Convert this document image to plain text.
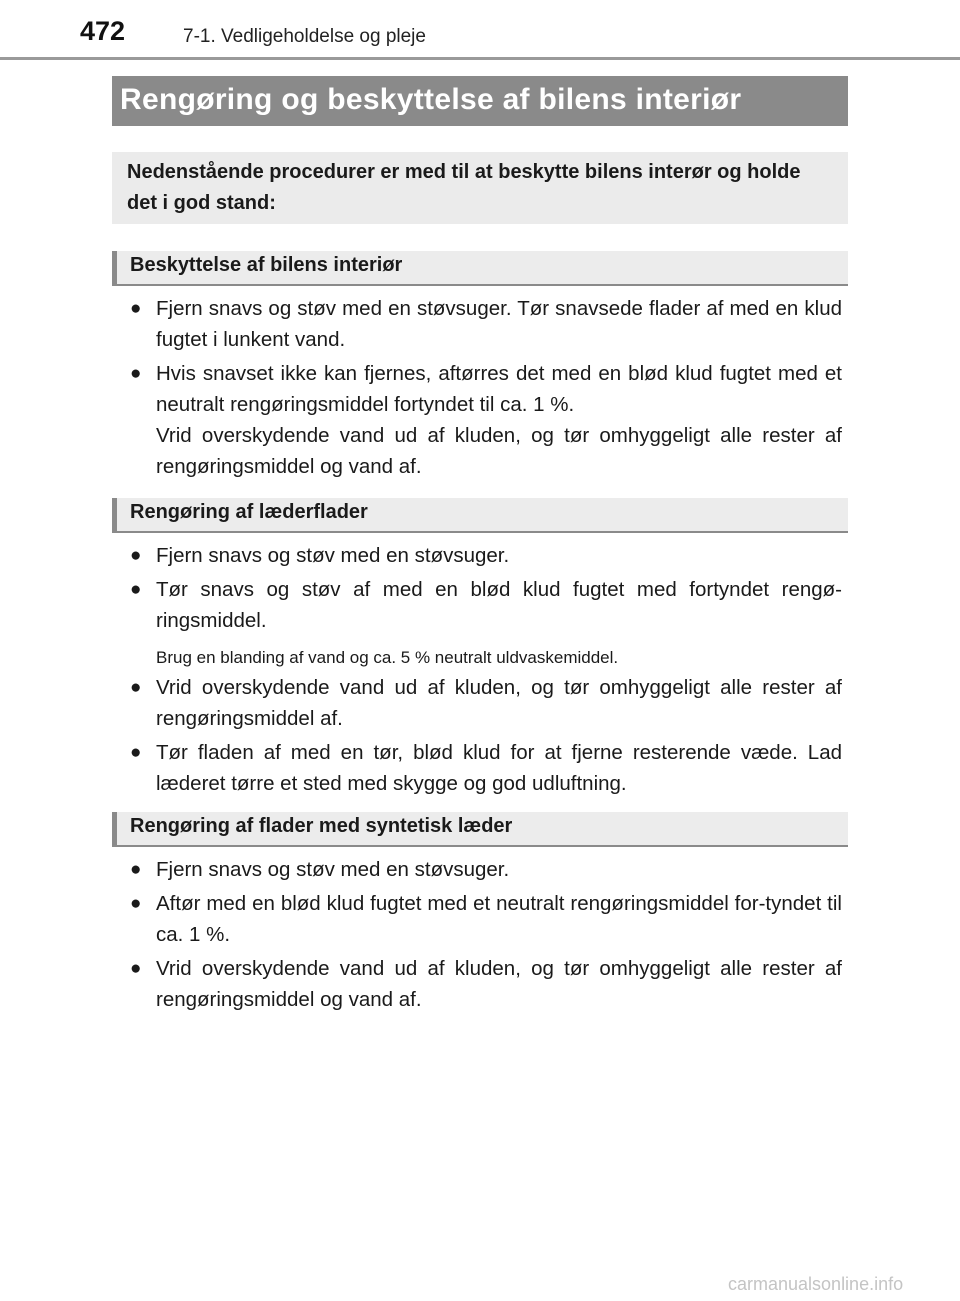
472	7-1. Vedligeholdelse og pleje
Rengøring og beskyttelse af bilens interiør
Nedenstående procedurer er med til at beskytte bilens interør og holde det i god stand:
Beskyttelse af bilens interiør
● Fjern snavs og støv med en støvsuger. Tør snavsede flader af med en klud fugtet i lunkent vand.
● Hvis snavset ikke kan fjernes, aftørres det med en blød klud fugtet med et neutralt rengøringsmiddel fortyndet til ca. 1 %.
Vrid overskydende vand ud af kluden, og tør omhyggeligt alle rester af rengøringsmiddel og vand af.
Rengøring af læderflader
● Fjern snavs og støv med en støvsuger.
● Tør snavs og støv af med en blød klud fugtet med fortyndet rengø-ringsmiddel.
Brug en blanding af vand og ca. 5 % neutralt uldvaskemiddel.
● Vrid overskydende vand ud af kluden, og tør omhyggeligt alle rester af rengøringsmiddel af.
● Tør fladen af med en tør, blød klud for at fjerne resterende væde. Lad læderet tørre et sted med skygge og god udluftning.
Rengøring af flader med syntetisk læder
● Fjern snavs og støv med en støvsuger.
● Aftør med en blød klud fugtet med et neutralt rengøringsmiddel for-tyndet til ca. 1 %.
● Vrid overskydende vand ud af kluden, og tør omhyggeligt alle rester af rengøringsmiddel og vand af.
carmanualsonline.info
